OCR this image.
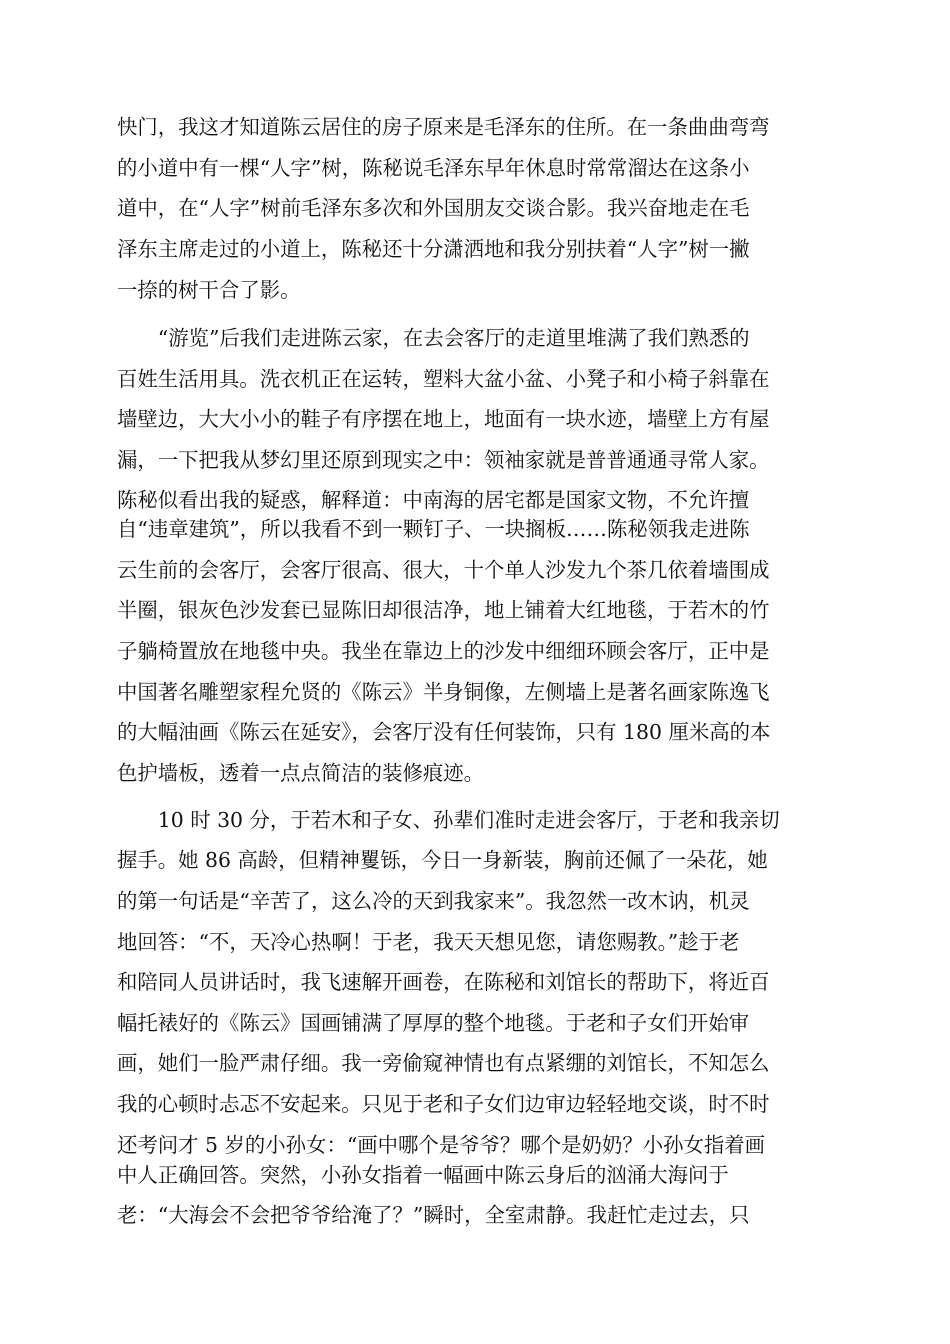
快门，我这才知道陈云居住的房子原来是毛泽东的住所。在一条曲曲弯弯

的小道中有一棵“人字”树，陈秘说毛泽东早年休息时常常溜达在这条小

道中，在“人字”树前毛泽东多次和外国朋友交谈合影。我兴奋地走在毛

泽东主席走过的小道上，陈秘还十分潇洒地和我分别扶着“人字”树一撇

一捺的树干合了影。

　　“游览”后我们走进陈云家，在去会客厅的走道里堆满了我们熟悉的

百姓生活用具。洗衣机正在运转，塑料大盆小盆、小凳子和小椅子斜靠在

墙壁边，大大小小的鞋子有序摆在地上，地面有一块水迹，墙壁上方有屋

漏，一下把我从梦幻里还原到现实之中：领袖家就是普普通通寻常人家。

陈秘似看出我的疑惑，解释道：中南海的居宅都是国家文物，不允许擅

自“违章建筑”，所以我看不到一颗钉子、一块搁板……陈秘领我走进陈

云生前的会客厅，会客厅很高、很大，十个单人沙发九个茶几依着墙围成

半圈，银灰色沙发套已显陈旧却很洁净，地上铺着大红地毯，于若木的竹

子躺椅置放在地毯中央。我坐在靠边上的沙发中细细环顾会客厅，正中是

中国著名雕塑家程允贤的《陈云》半身铜像，左侧墙上是著名画家陈逸飞

的大幅油画《陈云在延安》，会客厅没有任何装饰，只有 180 厘米高的本

色护墙板，透着一点点简洁的装修痕迹。

　　10 时 30 分，于若木和子女、孙辈们准时走进会客厅，于老和我亲切

握手。她 86 高龄，但精神矍铄，今日一身新装，胸前还佩了一朵花，她

的第一句话是“辛苦了，这么冷的天到我家来”。我忽然一改木讷，机灵

地回答：“不，天冷心热啊！于老，我天天想见您，请您赐教。”趁于老

和陪同人员讲话时，我飞速解开画卷，在陈秘和刘馆长的帮助下，将近百

幅托裱好的《陈云》国画铺满了厚厚的整个地毯。于老和子女们开始审

画，她们一脸严肃仔细。我一旁偷窥神情也有点紧绷的刘馆长，不知怎么

我的心顿时忐忑不安起来。只见于老和子女们边审边轻轻地交谈，时不时

还考问才 5 岁的小孙女：“画中哪个是爷爷？哪个是奶奶？小孙女指着画

中人正确回答。突然，小孙女指着一幅画中陈云身后的汹涌大海问于

老：“大海会不会把爷爷给淹了？”瞬时，全室肃静。我赶忙走过去，只
